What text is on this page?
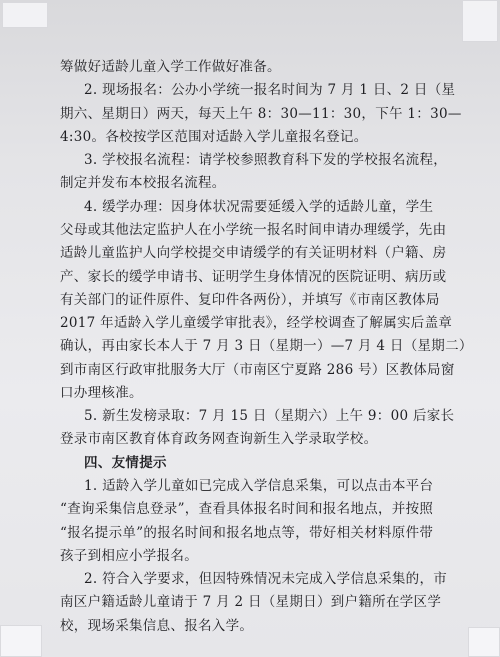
筹做好适龄儿童入学工作做好准备。
2. 现场报名：公办小学统一报名时间为 7 月 1 日、2 日（星
期六、星期日）两天，每天上午 8：30—11：30，下午 1：30—
4:30。各校按学区范围对适龄入学儿童报名登记。
3. 学校报名流程：请学校参照教育科下发的学校报名流程，
制定并发布本校报名流程。
4. 缓学办理：因身体状况需要延缓入学的适龄儿童，学生
父母或其他法定监护人在小学统一报名时间申请办理缓学，先由
适龄儿童监护人向学校提交申请缓学的有关证明材料（户籍、房
产、家长的缓学申请书、证明学生身体情况的医院证明、病历或
有关部门的证件原件、复印件各两份），并填写《市南区教体局
2017 年适龄入学儿童缓学审批表》，经学校调查了解属实后盖章
确认，再由家长本人于 7 月 3 日（星期一）—7 月 4 日（星期二）
到市南区行政审批服务大厅（市南区宁夏路 286 号）区教体局窗
口办理核准。
5. 新生发榜录取：7 月 15 日（星期六）上午 9：00 后家长
登录市南区教育体育政务网查询新生入学录取学校。
四、友情提示
1. 适龄入学儿童如已完成入学信息采集，可以点击本平台
“查询采集信息登录”，查看具体报名时间和报名地点，并按照
“报名提示单”的报名时间和报名地点等，带好相关材料原件带
孩子到相应小学报名。
2. 符合入学要求，但因特殊情况未完成入学信息采集的，市
南区户籍适龄儿童请于 7 月 2 日（星期日）到户籍所在学区学
校，现场采集信息、报名入学。
